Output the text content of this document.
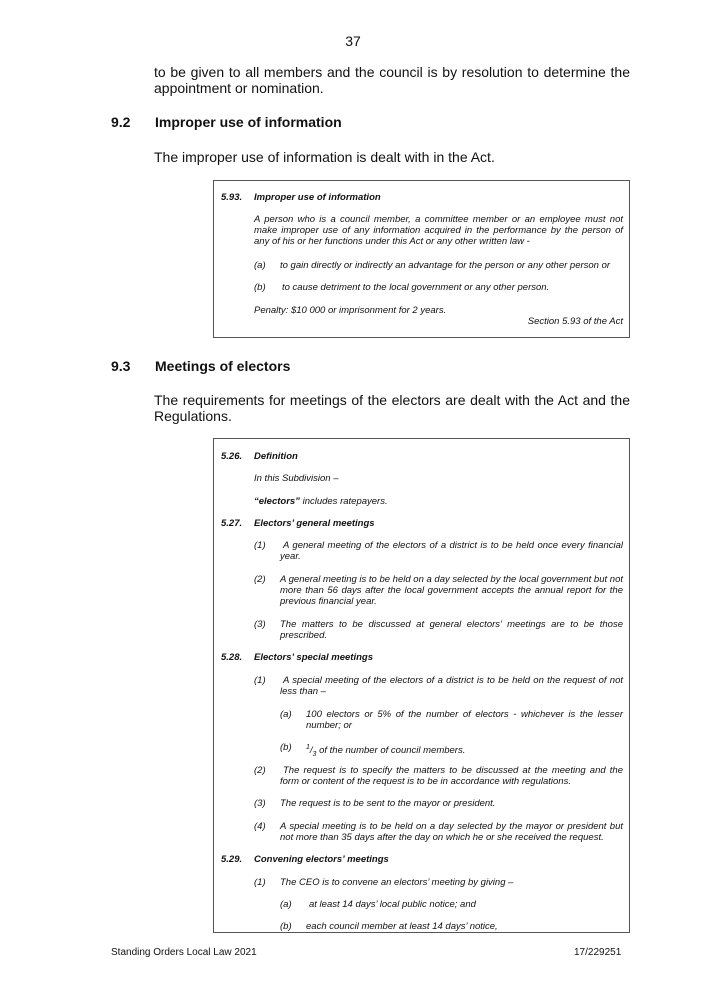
37
to be given to all members and the council is by resolution to determine the appointment or nomination.
9.2 Improper use of information
The improper use of information is dealt with in the Act.
5.93. Improper use of information
A person who is a council member, a committee member or an employee must not make improper use of any information acquired in the performance by the person of any of his or her functions under this Act or any other written law -
(a) to gain directly or indirectly an advantage for the person or any other person or
(b) to cause detriment to the local government or any other person.
Penalty: $10 000 or imprisonment for 2 years.
Section 5.93 of the Act
9.3 Meetings of electors
The requirements for meetings of the electors are dealt with the Act and the Regulations.
5.26. Definition
In this Subdivision –
“electors” includes ratepayers.
5.27. Electors’ general meetings
(1)	A general meeting of the electors of a district is to be held once every financial year.
(2) A general meeting is to be held on a day selected by the local government but not more than 56 days after the local government accepts the annual report for the previous financial year.
(3) The matters to be discussed at general electors’ meetings are to be those prescribed.
5.28. Electors’ special meetings
(1)	A special meeting of the electors of a district is to be held on the request of not less than –
(a) 100 electors or 5% of the number of electors - whichever is the lesser number; or
(b) $^1/_3$ of the number of council members.
(2)	The request is to specify the matters to be discussed at the meeting and the form or content of the request is to be in accordance with regulations.
(3) The request is to be sent to the mayor or president.
(4) A special meeting is to be held on a day selected by the mayor or president but not more than 35 days after the day on which he or she received the request.
5.29. Convening electors’ meetings
(1) The CEO is to convene an electors’ meeting by giving –
(a) at least 14 days’ local public notice; and
(b) each council member at least 14 days’ notice,
Standing Orders Local Law 2021	17/229251
